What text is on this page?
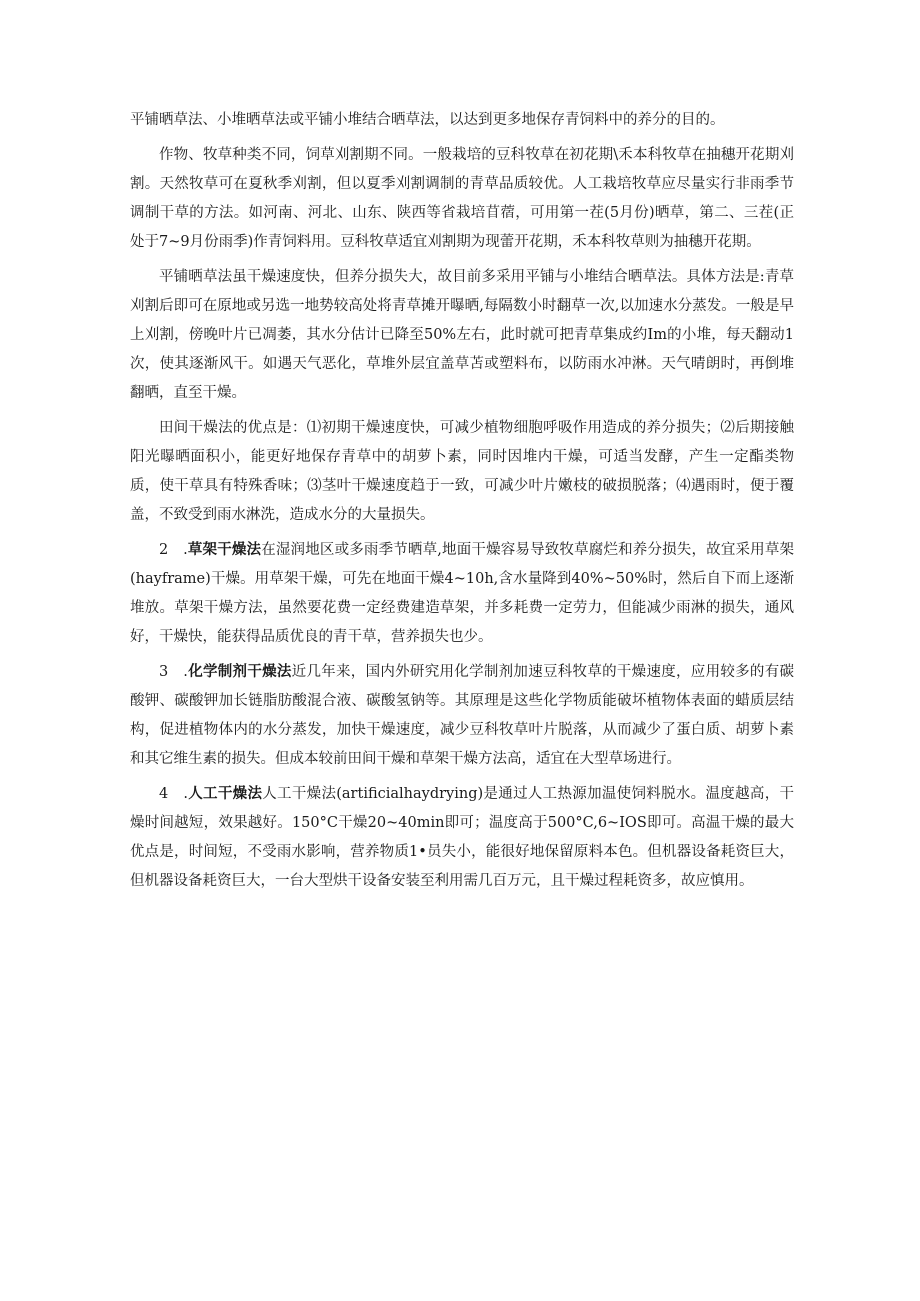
平铺晒草法、小堆晒草法或平铺小堆结合晒草法，以达到更多地保存青饲料中的养分的目的。

作物、牧草种类不同，饲草刈割期不同。一般栽培的豆科牧草在初花期\禾本科牧草在抽穗开花期刈割。天然牧草可在夏秋季刈割，但以夏季刈割调制的青草品质较优。人工栽培牧草应尽量实行非雨季节调制干草的方法。如河南、河北、山东、陕西等省栽培苜蓿，可用第一茬(5月份)晒草，第二、三茬(正处于7~9月份雨季)作青饲料用。豆科牧草适宜刈割期为现蕾开花期，禾本科牧草则为抽穗开花期。

平铺晒草法虽干燥速度快，但养分损失大，故目前多采用平铺与小堆结合晒草法。具体方法是:青草刈割后即可在原地或另选一地势较高处将青草摊开曝晒,每隔数小时翻草一次,以加速水分蒸发。一般是早上刈割，傍晚叶片已凋萎，其水分估计已降至50%左右，此时就可把青草集成约Im的小堆，每天翻动1次，使其逐渐风干。如遇天气恶化，草堆外层宜盖草苫或塑料布，以防雨水冲淋。天气晴朗时，再倒堆翻晒，直至干燥。

田间干燥法的优点是：⑴初期干燥速度快，可减少植物细胞呼吸作用造成的养分损失；⑵后期接触阳光曝晒面积小，能更好地保存青草中的胡萝卜素，同时因堆内干燥，可适当发酵，产生一定酯类物质，使干草具有特殊香味；⑶茎叶干燥速度趋于一致，可减少叶片嫩枝的破损脱落；⑷遇雨时，便于覆盖，不致受到雨水淋洗，造成水分的大量损失。

2　.草架干燥法在湿润地区或多雨季节晒草,地面干燥容易导致牧草腐烂和养分损失，故宜采用草架(hayframe)干燥。用草架干燥，可先在地面干燥4~10h,含水量降到40%~50%时，然后自下而上逐渐堆放。草架干燥方法，虽然要花费一定经费建造草架，并多耗费一定劳力，但能减少雨淋的损失，通风好，干燥快，能获得品质优良的青干草，营养损失也少。

3　.化学制剂干燥法近几年来，国内外研究用化学制剂加速豆科牧草的干燥速度，应用较多的有碳酸钾、碳酸钾加长链脂肪酸混合液、碳酸氢钠等。其原理是这些化学物质能破坏植物体表面的蜡质层结构，促进植物体内的水分蒸发，加快干燥速度，减少豆科牧草叶片脱落，从而减少了蛋白质、胡萝卜素和其它维生素的损失。但成本较前田间干燥和草架干燥方法高，适宜在大型草场进行。

4　.人工干燥法人工干燥法(artificialhaydrying)是通过人工热源加温使饲料脱水。温度越高，干燥时间越短，效果越好。150°C干燥20~40min即可；温度高于500°C,6~IOS即可。高温干燥的最大优点是，时间短，不受雨水影响，营养物质1•员失小，能很好地保留原料本色。但机器设备耗资巨大，但机器设备耗资巨大，一台大型烘干设备安装至利用需几百万元，且干燥过程耗资多，故应慎用。
